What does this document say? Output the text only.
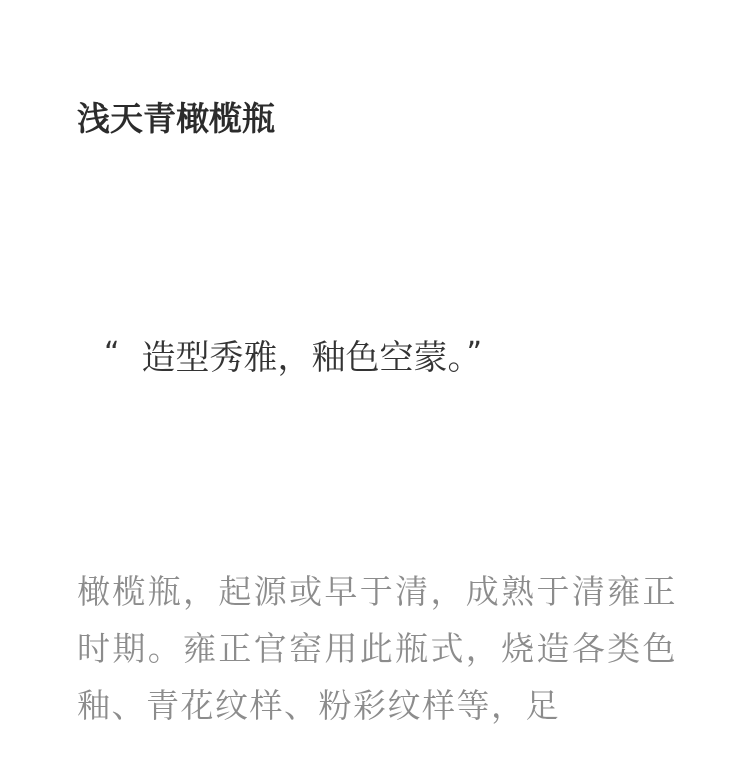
浅天青橄榄瓶

“ 造型秀雅，釉色空蒙。”

橄榄瓶，起源或早于清，成熟于清雍正时期。雍正官窑用此瓶式，烧造各类色釉、青花纹样、粉彩纹样等，足
